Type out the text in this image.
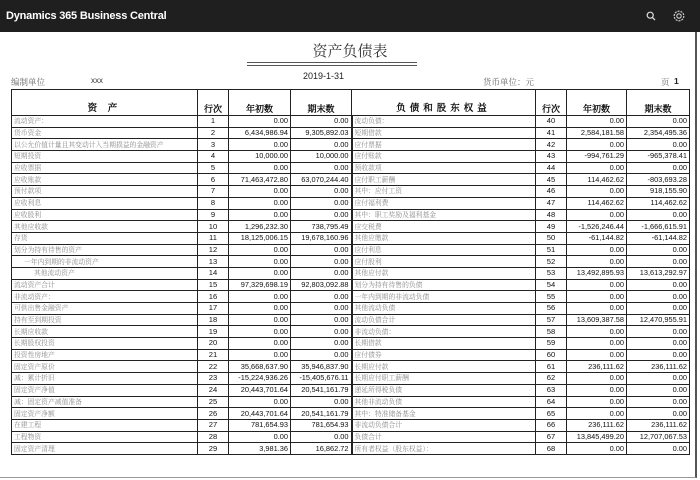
Dynamics 365 Business Central
资产负债表
2019-1-31
编制单位	xxx	货币单位：元	页 1
资 产	行次	年初数	期末数	负债和股东权益	行次	年初数	期末数
流动资产：	1	0.00	0.00	流动负债：	40	0.00	0.00
货币资金	2	6,434,986.94	9,305,892.03	短期借款	41	2,584,181.58	2,354,495.36
以公允价值计量且其变动计入当期损益的金融资产	3	0.00	0.00	应付票据	42	0.00	0.00
短期投资	4	10,000.00	10,000.00	应付账款	43	-994,761.29	-965,378.41
应收票据	5	0.00	0.00	预收款项	44	0.00	0.00
应收账款	6	71,463,472.80	63,070,244.40	应付职工薪酬	45	114,462.62	-803,693.28
预付款项	7	0.00	0.00	其中：应付工资	46	0.00	918,155.90
应收利息	8	0.00	0.00	应付福利费	47	114,462.62	114,462.62
应收股利	9	0.00	0.00	其中：职工奖励及福利基金	48	0.00	0.00
其他应收款	10	1,296,232.30	738,795.49	应交税费	49	-1,526,246.44	-1,666,615.91
存货	11	18,125,006.15	19,678,160.96	其他应缴款	50	-61,144.82	-61,144.82
划分为持有待售的资产	12	0.00	0.00	应付利息	51	0.00	0.00
一年内到期的非流动资产	13	0.00	0.00	应付股利	52	0.00	0.00
其他流动资产	14	0.00	0.00	其他应付款	53	13,492,895.93	13,613,292.97
流动资产合计	15	97,329,698.19	92,803,092.88	划分为持有待售的负债	54	0.00	0.00
非流动资产：	16	0.00	0.00	一年内到期的非流动负债	55	0.00	0.00
可供出售金融资产	17	0.00	0.00	其他流动负债	56	0.00	0.00
持有至到期投资	18	0.00	0.00	流动负债合计	57	13,609,387.58	12,470,955.91
长期应收款	19	0.00	0.00	非流动负债：	58	0.00	0.00
长期股权投资	20	0.00	0.00	长期借款	59	0.00	0.00
投资性房地产	21	0.00	0.00	应付债券	60	0.00	0.00
固定资产原价	22	35,668,637.90	35,946,837.90	长期应付款	61	236,111.62	236,111.62
减：累计折旧	23	-15,224,936.26	-15,405,676.11	长期应付职工薪酬	62	0.00	0.00
固定资产净值	24	20,443,701.64	20,541,161.79	递延所得税负债	63	0.00	0.00
减：固定资产减值准备	25	0.00	0.00	其他非流动负债	64	0.00	0.00
固定资产净额	26	20,443,701.64	20,541,161.79	其中：特准储备基金	65	0.00	0.00
在建工程	27	781,654.93	781,654.93	非流动负债合计	66	236,111.62	236,111.62
工程物资	28	0.00	0.00	负债合计	67	13,845,499.20	12,707,067.53
固定资产清理	29	3,981.36	16,862.72	所有者权益（股东权益）：	68	0.00	0.00
